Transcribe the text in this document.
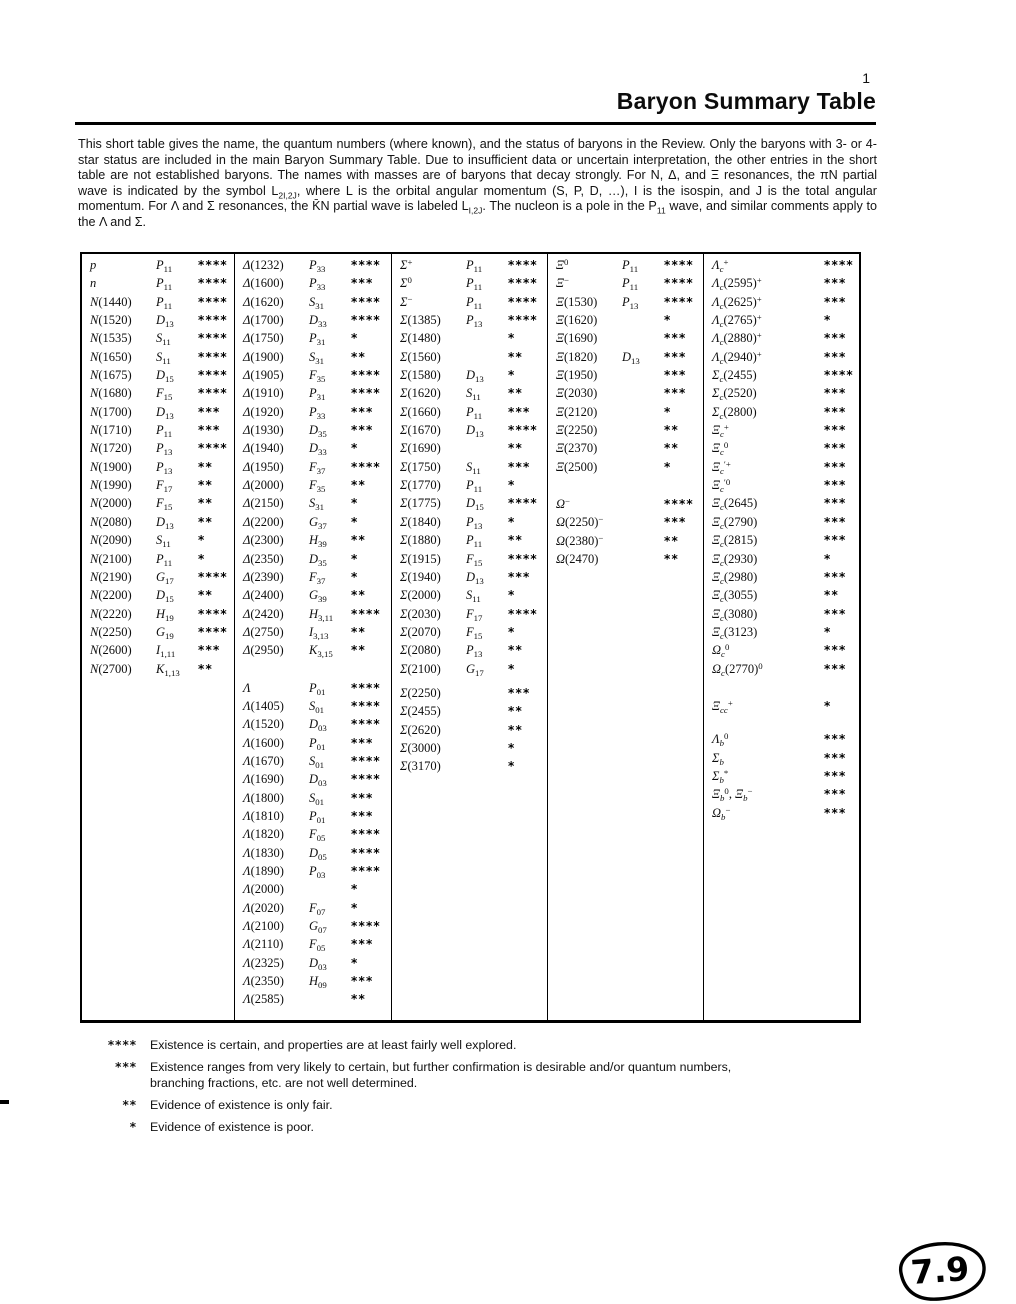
1
Baryon Summary Table

This short table gives the name, the quantum numbers (where known), and the status of baryons in the Review. Only the baryons with 3- or 4-star status are included in the main Baryon Summary Table. Due to insufficient data or uncertain interpretation, the other entries in the short table are not established baryons. The names with masses are of baryons that decay strongly. For N, Δ, and Ξ resonances, the πN partial wave is indicated by the symbol $L_{2I,2J}$, where L is the orbital angular momentum (S, P, D, …), I is the isospin, and J is the total angular momentum. For Λ and Σ resonances, the K̄N partial wave is labeled $L_{I,2J}$. The nucleon is a pole in the $P_{11}$ wave, and similar comments apply to the Λ and Σ.

p	$P_{11}$	****
n	$P_{11}$	****
N(1440)	$P_{11}$	****
N(1520)	$D_{13}$	****
N(1535)	$S_{11}$	****
N(1650)	$S_{11}$	****
N(1675)	$D_{15}$	****
N(1680)	$F_{15}$	****
N(1700)	$D_{13}$	***
N(1710)	$P_{11}$	***
N(1720)	$P_{13}$	****
N(1900)	$P_{13}$	**
N(1990)	$F_{17}$	**
N(2000)	$F_{15}$	**
N(2080)	$D_{13}$	**
N(2090)	$S_{11}$	*
N(2100)	$P_{11}$	*
N(2190)	$G_{17}$	****
N(2200)	$D_{15}$	**
N(2220)	$H_{19}$	****
N(2250)	$G_{19}$	****
N(2600)	$I_{1,11}$	***
N(2700)	$K_{1,13}$	**
Δ(1232)	$P_{33}$	****
Δ(1600)	$P_{33}$	***
Δ(1620)	$S_{31}$	****
Δ(1700)	$D_{33}$	****
Δ(1750)	$P_{31}$	*
Δ(1900)	$S_{31}$	**
Δ(1905)	$F_{35}$	****
Δ(1910)	$P_{31}$	****
Δ(1920)	$P_{33}$	***
Δ(1930)	$D_{35}$	***
Δ(1940)	$D_{33}$	*
Δ(1950)	$F_{37}$	****
Δ(2000)	$F_{35}$	**
Δ(2150)	$S_{31}$	*
Δ(2200)	$G_{37}$	*
Δ(2300)	$H_{39}$	**
Δ(2350)	$D_{35}$	*
Δ(2390)	$F_{37}$	*
Δ(2400)	$G_{39}$	**
Δ(2420)	$H_{3,11}$	****
Δ(2750)	$I_{3,13}$	**
Δ(2950)	$K_{3,15}$	**
Λ	$P_{01}$	****
Λ(1405)	$S_{01}$	****
Λ(1520)	$D_{03}$	****
Λ(1600)	$P_{01}$	***
Λ(1670)	$S_{01}$	****
Λ(1690)	$D_{03}$	****
Λ(1800)	$S_{01}$	***
Λ(1810)	$P_{01}$	***
Λ(1820)	$F_{05}$	****
Λ(1830)	$D_{05}$	****
Λ(1890)	$P_{03}$	****
Λ(2000)	*
Λ(2020)	$F_{07}$	*
Λ(2100)	$G_{07}$	****
Λ(2110)	$F_{05}$	***
Λ(2325)	$D_{03}$	*
Λ(2350)	$H_{09}$	***
Λ(2585)	**
Σ+	$P_{11}$	****
$\Sigma^0$	$P_{11}$	****
Σ−	$P_{11}$	****
Σ(1385)	$P_{13}$	****
Σ(1480)	*
Σ(1560)	**
Σ(1580)	$D_{13}$	*
Σ(1620)	$S_{11}$	**
Σ(1660)	$P_{11}$	***
Σ(1670)	$D_{13}$	****
Σ(1690)	**
Σ(1750)	$S_{11}$	***
Σ(1770)	$P_{11}$	*
Σ(1775)	$D_{15}$	****
Σ(1840)	$P_{13}$	*
Σ(1880)	$P_{11}$	**
Σ(1915)	$F_{15}$	****
Σ(1940)	$D_{13}$	***
Σ(2000)	$S_{11}$	*
Σ(2030)	$F_{17}$	****
Σ(2070)	$F_{15}$	*
Σ(2080)	$P_{13}$	**
Σ(2100)	$G_{17}$	*
Σ(2250)	***
Σ(2455)	**
Σ(2620)	**
Σ(3000)	*
Σ(3170)	*
$\Xi^0$	$P_{11}$	****
Ξ−	$P_{11}$	****
Ξ(1530)	$P_{13}$	****
Ξ(1620)	*
Ξ(1690)	***
Ξ(1820)	$D_{13}$	***
Ξ(1950)	***
Ξ(2030)	***
Ξ(2120)	*
Ξ(2250)	**
Ξ(2370)	**
Ξ(2500)	*
Ω−	****
Ω(2250)−	***
Ω(2380)−	**
Ω(2470)	**
$\Lambda_c^+$	****
$\Lambda_c(2595)^+$	***
$\Lambda_c(2625)^+$	***
$\Lambda_c(2765)^+$	*
$\Lambda_c(2880)^+$	***
$\Lambda_c(2940)^+$	***
$\Sigma_c(2455)$	****
$\Sigma_c(2520)$	***
$\Sigma_c(2800)$	***
$\Xi_c^+$	***
$\Xi_c^0$	***
$\Xi_c^{'+}$	***
$\Xi_c^{'0}$	***
$\Xi_c(2645)$	***
$\Xi_c(2790)$	***
$\Xi_c(2815)$	***
$\Xi_c(2930)$	*
$\Xi_c(2980)$	***
$\Xi_c(3055)$	**
$\Xi_c(3080)$	***
$\Xi_c(3123)$	*
$\Omega_c^0$	***
$\Omega_c(2770)^0$	***
$\Xi_{cc}^+$	*
$\Lambda_b^0$	***
$\Sigma_b$	***
$\Sigma_b^*$	***
$\Xi_b^0$, $\Xi_b^-$	***
$\Omega_b^-$	***
**** Existence is certain, and properties are at least fairly well explored.
*** Existence ranges from very likely to certain, but further confirmation is desirable and/or quantum numbers, branching fractions, etc. are not well determined.
** Evidence of existence is only fair.
* Evidence of existence is poor.
7.9
